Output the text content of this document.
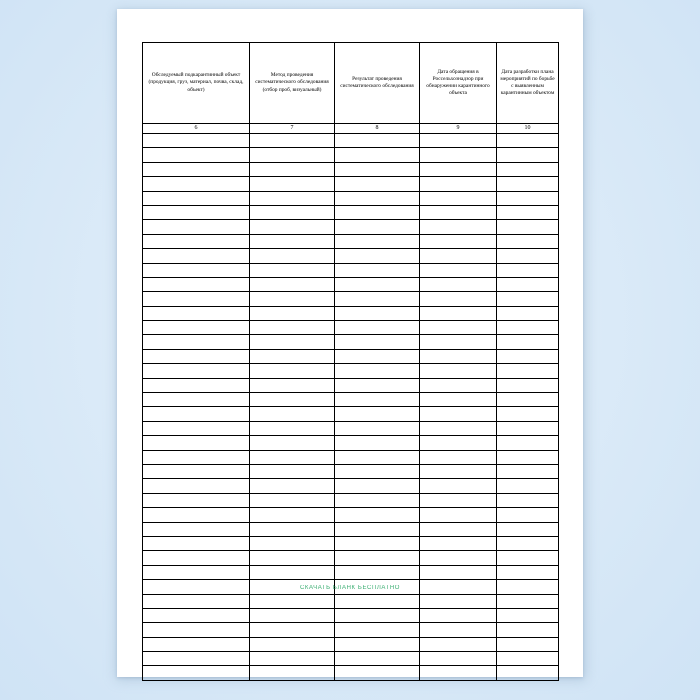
Обследуемый подкарантинный объект (продукция, груз, материал, почва, склад, объект)	Метод проведения систематического обследования (отбор проб, визуальный)	Результат проведения систематического обследования	Дата обращения в Россельхознадзор при обнаружении карантинного объекта	Дата разработки плана мероприятий по борьбе с выявленным карантинным объектом
6	7	8	9	10

СКАЧАТЬ БЛАНК БЕСПЛАТНО
